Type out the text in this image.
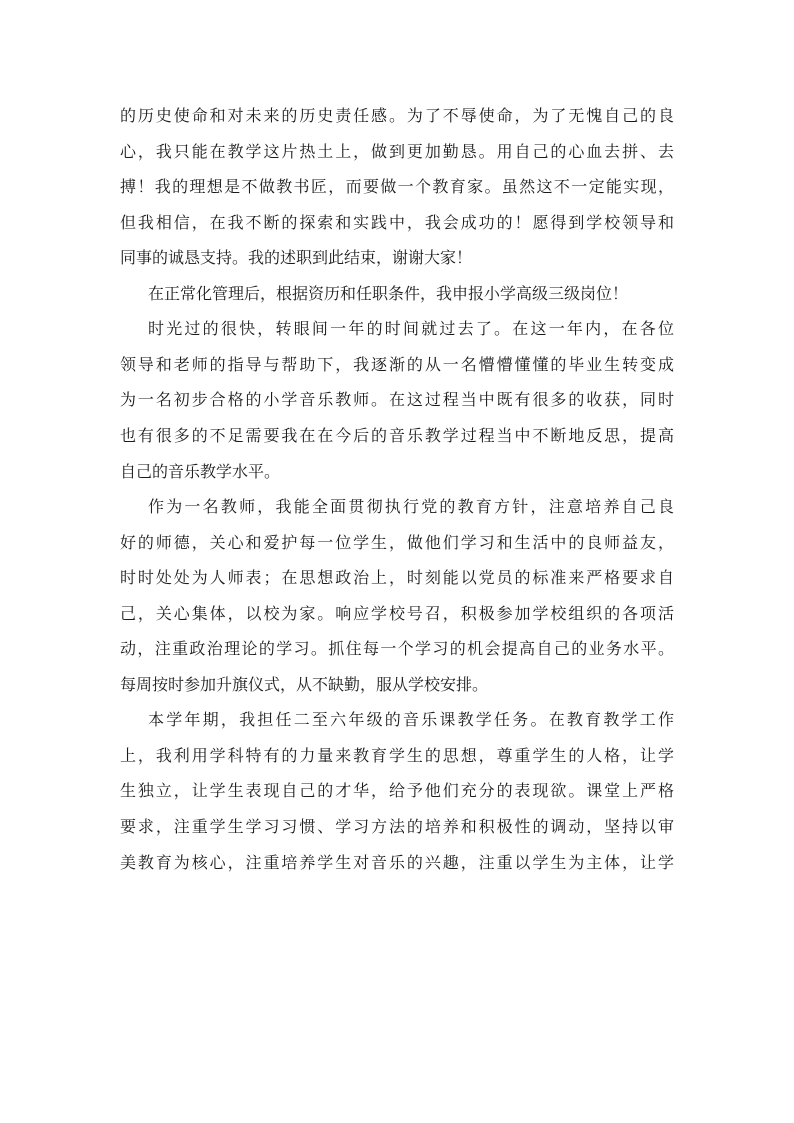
的历史使命和对未来的历史责任感。为了不辱使命，为了无愧自己的良
心，我只能在教学这片热土上，做到更加勤恳。用自己的心血去拼、去
搏！我的理想是不做教书匠，而要做一个教育家。虽然这不一定能实现，
但我相信，在我不断的探索和实践中，我会成功的！愿得到学校领导和
同事的诚恳支持。我的述职到此结束，谢谢大家！
在正常化管理后，根据资历和任职条件，我申报小学高级三级岗位！
时光过的很快，转眼间一年的时间就过去了。在这一年内，在各位
领导和老师的指导与帮助下，我逐渐的从一名懵懵懂懂的毕业生转变成
为一名初步合格的小学音乐教师。在这过程当中既有很多的收获，同时
也有很多的不足需要我在在今后的音乐教学过程当中不断地反思，提高
自己的音乐教学水平。
作为一名教师，我能全面贯彻执行党的教育方针，注意培养自己良
好的师德，关心和爱护每一位学生，做他们学习和生活中的良师益友，
时时处处为人师表；在思想政治上，时刻能以党员的标准来严格要求自
己，关心集体，以校为家。响应学校号召，积极参加学校组织的各项活
动，注重政治理论的学习。抓住每一个学习的机会提高自己的业务水平。
每周按时参加升旗仪式，从不缺勤，服从学校安排。
本学年期，我担任二至六年级的音乐课教学任务。在教育教学工作
上，我利用学科特有的力量来教育学生的思想，尊重学生的人格，让学
生独立，让学生表现自己的才华，给予他们充分的表现欲。课堂上严格
要求，注重学生学习习惯、学习方法的培养和积极性的调动，坚持以审
美教育为核心，注重培养学生对音乐的兴趣，注重以学生为主体，让学
